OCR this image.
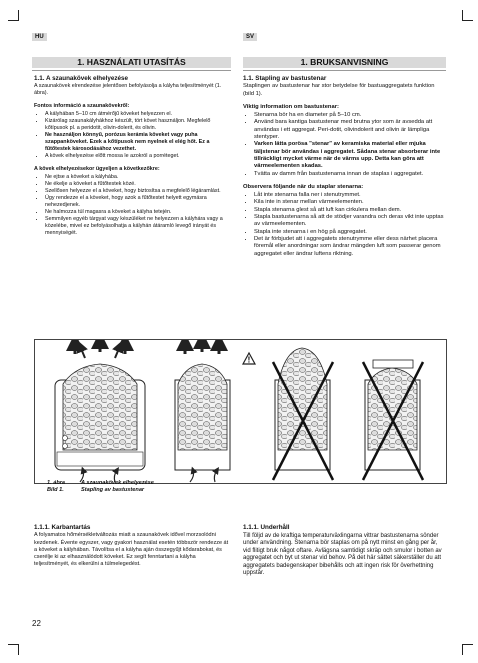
HU	SV
1. HASZNÁLATI UTASÍTÁS	1. BRUKSANVISNING
1.1. A szaunakövek elhelyezése
A szaunakövek elrendezése jelentősen befolyásolja a kályha teljesítményét (1. ábra).
Fontos információ a szaunakövekről:
• A kályhában 5–10 cm átmérőjű köveket helyezzen el.
• Kizárólag szaunakályhákhoz készült, tört követ használjon. Megfelelő kőtípusok pl. a peridotit, olivin-dolerit, és olivin.
• Ne használjon könnyű, porózus kerámia köveket vagy puha szappanköveket. Ezek a kőtípusok nem nyelnek el elég hőt. Ez a fűtőtestek károsodásához vezethet.
• A kövek elhelyezése előtt mossa le azokról a porréteget.
A kövek elhelyezésekor ügyeljen a következőkre:
• Ne ejtse a köveket a kályhába.
• Ne ékelje a köveket a fűtőtestek közé.
• Szellősen helyezze el a köveket, hogy biztosítsa a megfelelő légáramlást.
• Úgy rendezze el a köveket, hogy azok a fűtőtestet helyett egymásra nehezedjenek.
• Ne halmozza túl magasra a köveket a kályha tetején.
• Semmilyen egyéb tárgyat vagy készüléket ne helyezzen a kályhára vagy a közelébe, mivel ez befolyásolhatja a kályhán átáramló levegő irányát és mennyiségét.
1.1. Stapling av bastustenar
Staplingen av bastustenar har stor betydelse för bastuaggregatets funktion (bild 1).
Viktig information om bastustenar:
• Stenarna bör ha en diameter på 5–10 cm.
• Använd bara kantiga bastustenar med brutna ytor som är avsedda att användas i ett aggregat. Peri-dotit, olivindolerit and olivin är lämpliga stentyper.
• Varken lätta porösa "stenar" av keramiska material eller mjuka täljstenar bör användas i aggregatet. Sådana stenar absorberar inte tillräckligt mycket värme när de värms upp. Detta kan göra att värmeelementen skadas.
• Tvätta av damm från bastustenarna innan de staplas i aggregatet.
Observera följande när du staplar stenarna:
• Låt inte stenarna falla ner i stenutrymmet.
• Kila inte in stenar mellan värmeelementen.
• Stapla stenarna glest så att luft kan cirkulera mellan dem.
• Stapla bastustenarna så att de stödjer varandra och deras vikt inte upptas av värmeelementen.
• Stapla inte stenarna i en hög på aggregatet.
• Det är förbjudet att i aggregatets stenutrymme eller dess närhet placera föremål eller anordningar som ändrar mängden luft som passerar genom aggregatet eller ändrar luftens riktning.
!
1. ábra	A szaunakövek elhelyezése
Bild 1.	Stapling av bastustenar
1.1.1. Karbantartás
A folyamatos hőmérsékletváltozás miatt a szaunakövek idővel morzsolódni kezdenek. Évente egyszer, vagy gyakori használat esetén többször rendezze át a köveket a kályhában. Távolítsa el a kályha aján összegyűjt kődarabokat, és cserélje ki az elhasználódott köveket. Ez segít fenntartani a kályha teljesítményét, és elkerülni a túlmelegedést.
1.1.1. Underhåll
Till följd av de kraftiga temperaturväxlingarna vittrar bastustenarna sönder under användning. Stenarna bör staplas om på nytt minst en gång per år, vid flitigt bruk något oftare. Avlägsna samtidigt skräp och smulor i botten av aggregatet och byt ut stenar vid behov. På det här sättet säkerställer du att aggregatets badegenskaper bibehålls och att ingen risk för överhettning uppstår.
22
